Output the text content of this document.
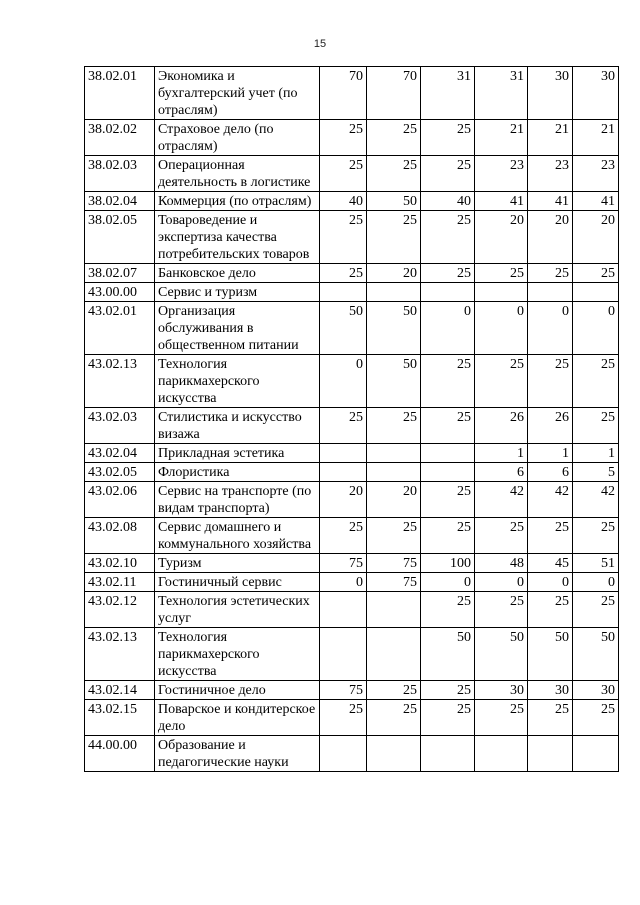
15
38.02.01	Экономика и бухгалтерский учет (по отраслям)	70	70	31	31	30	30
38.02.02	Страховое дело (по отраслям)	25	25	25	21	21	21
38.02.03	Операционная деятельность в логистике	25	25	25	23	23	23
38.02.04	Коммерция (по отраслям)	40	50	40	41	41	41
38.02.05	Товароведение и экспертиза качества потребительских товаров	25	25	25	20	20	20
38.02.07	Банковское дело	25	20	25	25	25	25
43.00.00	Сервис и туризм						
43.02.01	Организация обслуживания в общественном питании	50	50	0	0	0	0
43.02.13	Технология парикмахерского искусства	0	50	25	25	25	25
43.02.03	Стилистика и искусство визажа	25	25	25	26	26	25
43.02.04	Прикладная эстетика				1	1	1
43.02.05	Флористика				6	6	5
43.02.06	Сервис на транспорте (по видам транспорта)	20	20	25	42	42	42
43.02.08	Сервис домашнего и коммунального хозяйства	25	25	25	25	25	25
43.02.10	Туризм	75	75	100	48	45	51
43.02.11	Гостиничный сервис	0	75	0	0	0	0
43.02.12	Технология эстетических услуг			25	25	25	25
43.02.13	Технология парикмахерского искусства			50	50	50	50
43.02.14	Гостиничное дело	75	25	25	30	30	30
43.02.15	Поварское и кондитерское дело	25	25	25	25	25	25
44.00.00	Образование и педагогические науки						
